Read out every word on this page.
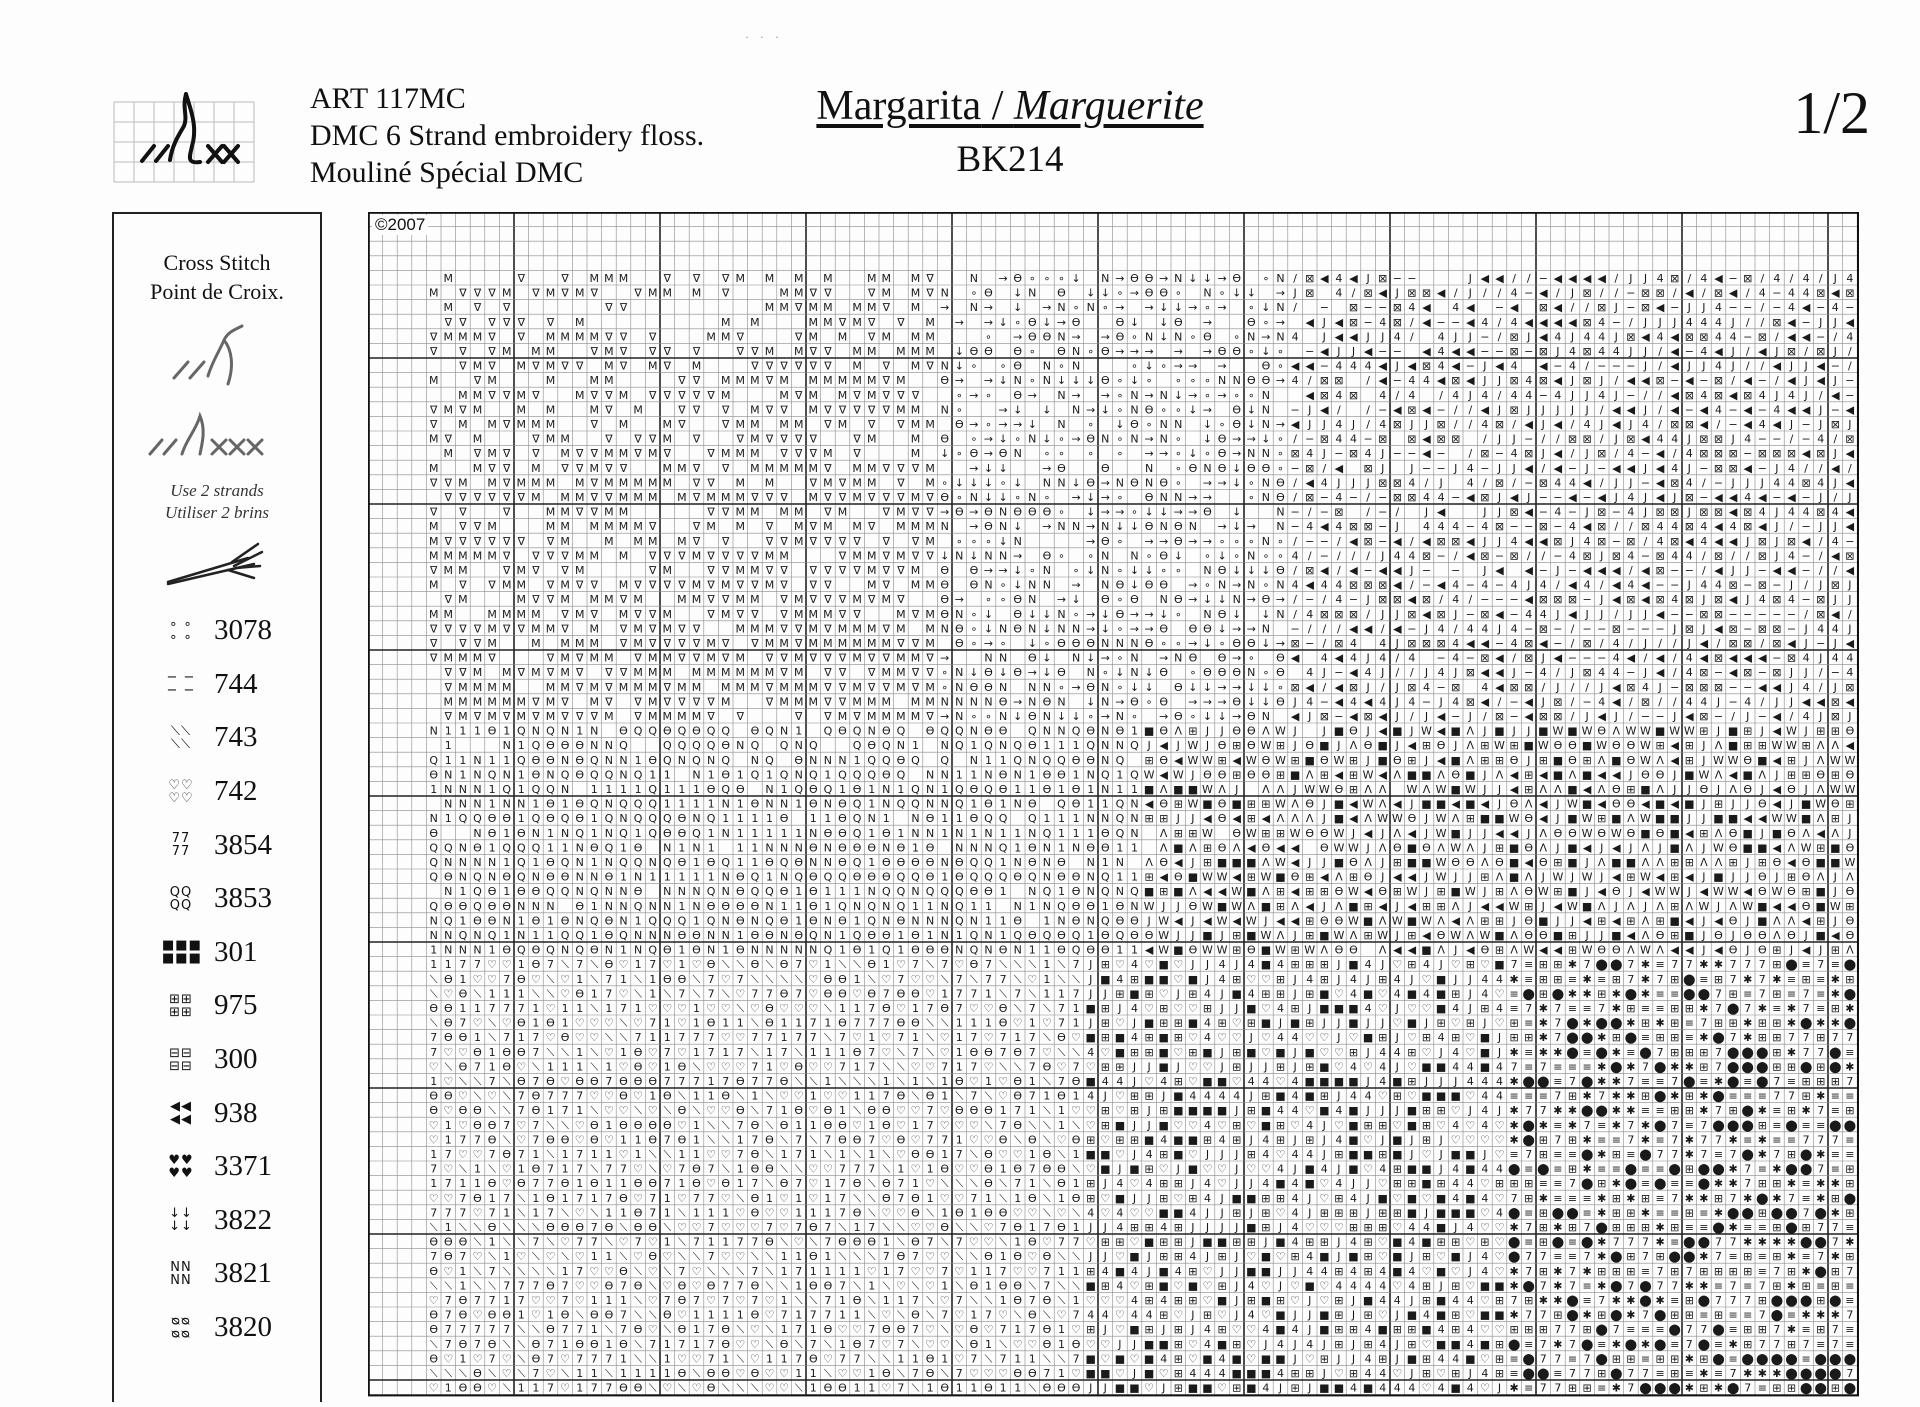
· · ·
ART 117MC
DMC 6 Strand embroidery floss.
Mouliné Spécial DMC
Margarita / Marguerite
BK214
1/2
Cross Stitch
Point de Croix.
Use 2 strands
Utiliser 2 brins
∘ ∘
∘ ∘ 3078
− −
− − 744
⟍⟍
⟍⟍ 743
♡♡
♡♡ 742
77
77 3854
QQ
QQ 3853
■■■
■■■ 301
⊞⊞
⊞⊞ 975
⊟⊟
⊟⊟ 300
◀◀
◀◀ 938
♥♥
♥♥ 3371
↓↓
↓↓ 3822
NN
NN 3821
ᴓᴓ
ᴓᴓ 3820
M	∇	∇ M M M	∇ ∇ ∇ M M M M	M M M ∇	N → ϴ ∘ ∘ ∘ ↓ N → ϴ ϴ → N ↓ ↓ → ϴ ∘ N / ⊠ ◀ 4 ◀ J ⊠ − −	J ◀ ◀ / / − ◀ ◀ ◀ ◀ / J J 4 ⊠ / 4 ◀ − ⊠ / 4 / 4 / J 4
M ∇ ∇ ∇ M ∇ M ∇ M ∇	∇ M M M ∇	M M ∇ ∇	∇ M M ∇ N ∘ ϴ ↓ N ϴ ↓ ↓ ∘ → ϴ ϴ ∘ N ∘ ↓ ↓ → J ⊠ 4 / ⊠ ◀ J ⊠ ⊠ ◀ / J / / 4 − ◀ / J ⊠ / / − ⊠ ⊠ / ◀ / ⊠ ◀ / 4 − 4 4 ⊠ ◀ ⊠
M ∇ ∇	∇ ∇	M M ∇ M M M M ∇ M → N → ↓ → N ∘ N ∘ → → ↓ ↓ → ∘ → ∘ ↓ N / − ⊠ − − ⊠ 4 ◀ 4 ◀ − ◀ ⊠ ◀ / / ⊠ J − ⊠ ◀ − J J 4 − − / − 4 ◀ − 4 −
∇ ∇ ∇ ∇ ∇ ∇ M	M M	M M ∇ M ∇ ∇ M → → ↓ ∘ ϴ ↓ → ϴ	ϴ ↓ ↓ ϴ →	ϴ ∘ → ◀ J ◀ ⊠ − 4 ⊠ / ◀ − − ◀ 4 / 4 ◀ ◀ ◀ ◀ ⊠ 4 − / J J J 4 4 4 J / / ⊠ ◀ − J J ◀
∇ M M M ∇ ∇ M M M M ∇ ∇ ∇	M M ∇	∇ M M ∇ M M M	∘ → ϴ ϴ N → → ϴ ∘ N ↓ N ∘ ϴ ∘ N → N 4 J ◀ ◀ J J 4 / 4 J J − / ⊠ J ◀ 4 J 4 4 J ⊠ ◀ 4 ◀ ⊠ ⊠ 4 4 − ⊠ / ◀ ◀ − / 4
∇ ∇ ∇ M M M	∇ M ∇ ∇ ∇ ∇	∇ ∇ M M ∇ ∇ M M M M M ↓ ϴ ϴ ϴ ∘ ϴ N ∘ ϴ → → → → → ϴ ϴ ∘ ↓ ∘ − ◀ J J ◀ − − ◀ 4 ◀ ◀ − − ⊠ − ⊠ J 4 ⊠ 4 4 J J / ◀ − 4 ◀ J / ◀ J ⊠ / ⊠ J /
∇ M ∇ M ∇ M ∇ ∇ M ∇ M ∇ M	∇ ∇ ∇ ∇ ∇ ∇ M ∇ M ∇ N ↓ ∘ ∘ ϴ N ∘ N	∘ ↓ ∘ → → →	ϴ ∘ ◀ ◀ − 4 4 4 ◀ J ◀ ⊠ 4 ◀ − J ◀ 4 ◀ − 4 / − − − J / ◀ J J 4 J / / ◀ J J ◀ − /
M	∇ M	M	M M	∇ ∇ M M M ∇ M M M M M M ∇ M	ϴ → → ↓ N ∘ N ↓ ↓ ↓ ϴ ∘ ↓ ∘ ∘ ∘ ∘ N N ϴ ϴ → 4 / ⊠ ⊠ / ◀ − 4 4 ◀ ⊠ ◀ J J ⊠ 4 ⊠ ◀ J ⊠ J / ◀ ◀ ⊠ − ◀ − ⊠ / ◀ − / ◀ J ◀ J −
M M ∇ ∇ M ∇	M ∇ ∇ M ∇ ∇ ∇ ∇ ∇ M	M ∇ M M ∇ M ∇ ∇ ∇	∘ → ∘ ϴ → N → → ∘ N → N ↓ → ∘ → ∘ ∘ N	◀ ⊠ 4 ⊠ 4 / 4 / 4 J 4 / 4 4 − 4 J J 4 J − / / ◀ ⊠ 4 ⊠ ◀ ⊠ 4 J 4 J / ◀ −
∇ M ∇ M	M M	M ∇ M	∇ ∇ ∇ M ∇ ∇ M ∇ ∇ ∇ ∇ ∇ M M N ∘	→ ↓ ↓ N → ↓ ∘ N ϴ ∘ ∘ ↓ → ϴ ↓ N − J ◀ / / − ◀ ⊠ ◀ − / / ◀ J ⊠ J J J J J / ◀ ◀ J / ◀ − ◀ 4 − ◀ − 4 ◀ ◀ J − ◀
∇ M M ∇ M M M	∇ M	M ∇	∇ M M M M ∇ M ∇ ∇ M M ϴ → ∘ → → ↓ N ∘ ↓ ϴ ∘ N N ↓ ∘ ϴ ↓ N → ◀ J J 4 J / 4 ⊠ J J ⊠ / / 4 ⊠ / ◀ J ◀ / 4 J ◀ J 4 / ⊠ ⊠ ◀ / − ◀ 4 ◀ J − J ⊠ J
M ∇ M	∇ M M	∇ ∇ ∇ M ∇	∇ M ∇ ∇ ∇ ∇	∇ M	M ϴ ∘ → ↓ ∘ N ↓ ∘ → ϴ N ∘ N → N ∘ ↓ ϴ → → ↓ ∘ / − ⊠ 4 4 − ⊠ ⊠ ◀ ⊠ ⊠ / J J − / / ⊠ ⊠ / J ⊠ ◀ 4 4 J ⊠ ⊠ J 4 − − / − 4 / ⊠
M ∇ M ∇ ∇ M ∇ ∇ M M ∇ M ∇	∇ M M M ∇ ∇ ∇ M ∇	M ↓ ∘ ϴ → ϴ N ∘ ∘ ∘ ∘ → → ∘ ↓ ∘ ϴ → N N ∘ ⊠ 4 J − ⊠ 4 J − − ◀ − / ⊠ − 4 ⊠ J ◀ / J ⊠ / 4 − ◀ / 4 ⊠ ⊠ ⊠ − ⊠ ⊠ ⊠ ◀ ⊠ J ◀
M	M ∇ ∇ M ∇ ∇ M ∇ ∇	M M ∇ ∇ M M M M M ∇ M M ∇ ∇ ∇ M	→ ↓ ↓	→ ϴ	ϴ	N ∘ ϴ N ϴ ↓ ϴ ϴ ∘ − ⊠ / ◀ ⊠ J J − − J 4 − J J ◀ / ◀ − J − ◀ ◀ J ◀ 4 J − ⊠ ⊠ ◀ − J 4 / / ◀ /
∇ ∇ M M ∇ M M M M ∇ M M M M M ∇ ∇ M M	∇ M ∇ M M ∇ M ∘ ↓ ↓ ↓ ∘ ↓ N N ↓ ϴ → N ϴ N ϴ ∘ → → ↓ ∘ N ϴ / ◀ 4 J J J ⊠ ⊠ 4 / J 4 / ⊠ / − ⊠ 4 4 ◀ / J J − ◀ ⊠ 4 / − J J J 4 4 ⊠ 4 J ◀
∇ ∇ ∇ ∇ ∇ ∇ M M M ∇ ∇ M M M M ∇ M M M ∇ ∇ ∇ M ∇ ∇ M ∇ ∇ ∇ M ∇ ϴ ∘ N ↓ ↓ ∘ N ∘ → ↓ → ∘ ϴ N N → →	∘ N ϴ / ⊠ − 4 − / − ⊠ ⊠ 4 4 − ◀ ⊠ J ◀ J − − ◀ − ◀ J 4 J ◀ J ⊠ − ◀ ◀ 4 ◀ − ◀ − J / J
∇ ∇	∇	M M ∇ ∇ M M	∇ ∇ M M M M ∇ M	∇ M ∇ ∇ → ϴ → ϴ N ϴ ϴ ϴ ∘ ↓ → → ∘ ↓ ↓ → → ϴ ↓	N − / − ⊠ / − / J ◀	J J ⊠ ◀ − 4 − J ⊠ − 4 J ⊠ ⊠ J ⊠ ⊠ ◀ ⊠ 4 J 4 4 ⊠ 4 ◀
M ∇ ∇ M	M M M M M M ∇	∇ M M ∇ M ∇ M M ∇ M M M N → ϴ N ↓ → N N → N ↓ ↓ ϴ N ϴ N → ↓ → N − 4 ◀ 4 ⊠ ⊠ − J 4 4 4 − 4 ⊠ − − ⊠ − 4 ◀ ⊠ / / ⊠ 4 4 ⊠ 4 ◀ 4 ⊠ ◀ J / − J J ◀
M ∇ ∇ ∇ ∇ ∇ ∇ ∇ M	M M M M ∇ ∇	∇ ∇ M ∇ ∇ ∇ ∇ ∇ ∇ M ∘ ∘ ∘ ↓ N	→ ϴ ∘ → → ϴ → → ∘ ∘ ∘ N ∘ / − − / ◀ ⊠ − ◀ / ◀ ⊠ ⊠ ◀ J J 4 ◀ ◀ ⊠ J 4 ⊠ − ⊠ / 4 ⊠ ◀ 4 ◀ ◀ J ⊠ J ⊠ ◀ / 4 −
M M M M M ∇ ∇ ∇ ∇ M M M ∇ ∇ ∇ M ∇ ∇ ∇ ∇ M M	∇ M M ∇ M ∇ ∇ ↓ N ↓ N N → ϴ ∘ ∘ N N ∘ ϴ ↓ ∘ ↓ ∘ N ∘ ∘ 4 / − / / / J 4 4 ⊠ − / ◀ ⊠ − ⊠ / / − 4 ⊠ J ⊠ 4 − ⊠ 4 4 / ⊠ / / ⊠ J 4 − / ◀ ⊠
∇ M M	∇ M ∇ ∇ M	∇ M	∇ ∇ M M ∇ ∇ ∇ ∇ ∇ ∇ M ∇ ∇ M ϴ ϴ → → ↓ ∘ N ∘ ↓ N ∘ ↓ ↓ ∘ ∘ N ϴ ↓ ↓ ↓ ϴ / ⊠ ◀ / ◀ − ◀ ◀ J − − J ◀ ◀ − J − ◀ ◀ ◀ / ◀ ⊠ − − / ◀ J J − ◀ ◀ − / / ◀
M ∇ ∇ M M ∇ M ∇ ∇ M ∇ ∇ ∇ ∇ M ∇ M ∇ ∇ M ∇ ∇ ∇	M ∇ M M ϴ ϴ N ∘ ↓ N N → N ϴ ↓ ϴ ϴ → ∘ N → N ∘ N 4 ◀ 4 4 ⊠ ⊠ ⊠ ◀ / − ◀ 4 − 4 − 4 J 4 / ◀ 4 / ◀ 4 ◀ − − J 4 4 ⊠ − ⊠ − J / J ⊠ J
∇ M	M ∇ ∇ M M M ∇ M	M M ∇ ∇ M M ∇ M ∇ ∇ ∇ M ∇ M ∇	ϴ → ∘ ∘ ϴ N → ↓ ϴ ∘ ϴ N ϴ → ↓ ↓ N → ϴ → / − / 4 − J ⊠ ⊠ ◀ ⊠ / 4 / − − − ◀ ⊠ ⊠ ⊠ − J ◀ ⊠ ◀ ⊠ 4 ⊠ J ⊠ ◀ J 4 ⊠ 4 − ⊠ J J
M M	M M M M ∇ M ∇ M ∇ ∇ M	∇ M ∇ ∇ ∇ M M M ∇ ∇	M ∇ M ϴ N ∘ ↓ ϴ ↓ ↓ N ∘ → ↓ ϴ → → ↓ ∘ N ϴ ↓ ↓ N / 4 ⊠ ⊠ ⊠ / J J ⊠ ◀ ⊠ J − ⊠ ◀ − 4 4 J ◀ J J / J J ◀ − − ⊠ ⊠ − − − − − / ⊠ ◀ /
∇ ∇ ∇ ∇ M ∇ ∇ M M ∇ M ∇ M ∇ M ∇ ∇	M M M ∇ ∇ M ∇ M M M ∇ M M N ϴ ∘ ↓ N ϴ N ↓ N N → ↓ ∘ → → ϴ ϴ ϴ ↓ → → N − / / / ◀ ◀ / ◀ − J 4 / 4 4 J 4 − ⊠ − / − − ⊠ − − − J ⊠ J ◀ ⊠ − ⊠ ⊠ − J 4 4 J
∇ ∇ ∇ M	M M M M ∇ M ∇ ∇ ∇ ∇ M ∇ ∇ M M ∇ M M M M M M ∇ ∇ M ϴ ∘ → ∘ ↓ ∘ ϴ ϴ ϴ N N N ϴ ∘ ∘ → ↓ ∘ ϴ ϴ ↓ → ⊠ − / ⊠ 4 4 J ⊠ ⊠ ⊠ 4 ◀ ◀ − 4 ⊠ ◀ − / ⊠ / 4 / J / / J ◀ / ⊠ ⊠ / ⊠ ◀ J − J ◀
∇ M M M ∇	∇ M ∇ M M ∇ M M ∇ ∇ M ∇ M ∇ ∇ M ∇ ∇ ∇ M ∇ ∇ M M ∇ →	N N ϴ ↓ N ↓ → ∘ N → N ϴ ϴ → ∘ ϴ ◀ 4 ◀ 4 J 4 / 4 − 4 − ⊠ ◀ / ⊠ J ◀ − − − 4 ◀ / ◀ / 4 ◀ ⊠ ◀ ◀ ◀ − ⊠ 4 J 4 4
∇ ∇ M M ∇ M ∇ M ∇ ∇ ∇ M M M M M M M M M ∇ M ∇ ∇ ∇ M M ∇ ∇ ∘ N ↓ ϴ ↓ ϴ → ↓ ϴ N ∘ ↓ N ↓ ϴ ∘ ϴ ϴ ϴ N ∘ ϴ 4 J − ◀ 4 J / / J 4 J ⊠ ◀ ◀ J − 4 / J ⊠ 4 4 − J ◀ / 4 ⊠ − ◀ ⊠ − ⊠ J J / − 4
∇ M M M M	M M ∇ M ∇ M M M ∇ M M M M M ∇ M M M ∇ ∇ M ∇ ∇ M ∇ M ∘ N ϴ ϴ N N N ∘ → ϴ N ∘ ↓ ↓ ϴ ↓ ↓ → → ↓ ↓ ∘ ⊠ ◀ / ◀ ⊠ J / J ⊠ 4 − ⊠ 4 ◀ ⊠ ⊠ / J / / J ◀ ⊠ 4 J − ⊠ ⊠ ⊠ − − ◀ ◀ J 4 / J ⊠
M M M M M M ∇ M ∇ M ∇ ∇ M ∇ ∇ ∇ ∇ M	∇ M M M ∇ ∇ M M M M M N N N N ϴ → N ϴ N ↓ N → ϴ ∘ ϴ → → → ϴ ↓ ↓ ϴ J 4 − ◀ 4 ◀ 4 J 4 − J 4 ⊠ ◀ / − ◀ J ⊠ / − 4 ◀ / ⊠ / / 4 4 J − 4 / J J ◀ ◀ ⊠ ◀
∇ M ∇ M ∇ M ∇ M ∇ ∇ ∇ M ∇ M M M M ∇ ∇	∇ ∇ M ∇ M M M M ∇ → N ∘ ∘ N ↓ ϴ N ↓ ↓ ∘ → N ∘ → ϴ ∘ ↓ ↓ → ϴ N ◀ J ⊠ − ◀ ⊠ ◀ J / J ◀ − J / ⊠ − ◀ ⊠ ⊠ / J ◀ J / − − J ◀ ⊠ − / J − ◀ / 4 J ⊠ J
N 1 1 1 ϴ 1 Q N Q N 1 N ϴ Q Q ϴ Q ϴ Q Q ϴ Q N 1 Q ϴ Q N ϴ Q ϴ Q Q N ϴ ϴ Q N N Q ϴ N ϴ 1 ■ ϴ Λ ⊞ J J ϴ ϴ Λ W J J ■ ϴ J ◀ ■ J W ◀ ■ Λ J ■ J J ■ W ■ W ϴ Λ W W ■ W W ⊞ J ■ ⊞ J ◀ W J ⊞ ⊞ ϴ
1	N 1 Q ϴ ϴ ϴ N N Q	Q Q Q Q ϴ N Q Q N Q	Q ϴ Q N 1 N Q 1 Q N Q ϴ 1 1 1 Q N N Q J ◀ J W J ϴ ⊞ ϴ W ⊞ J ϴ ■ J Λ ϴ ■ J ◀ ⊞ ϴ J Λ ⊞ W ⊞ ■ W ϴ ϴ ■ W ϴ ϴ W ⊞ ◀ ⊞ J Λ ■ ⊞ ⊞ W W ⊞ Λ Λ ◀
Q 1 1 N 1 1 Q ϴ ϴ N ϴ Q N N 1 ϴ Q N Q N Q N Q ϴ N N N 1 Q Q ϴ Q Q N 1 1 Q N Q Q ϴ ϴ N Q ⊞ ϴ ◀ W W ⊞ ◀ W ϴ W ⊞ ■ ϴ W ⊞ J ■ ϴ ⊞ J ◀ ■ Λ ⊞ ⊞ ϴ J ⊞ ■ ϴ ⊞ Λ ■ ϴ W Λ ◀ ⊞ J W W ϴ ■ ◀ ⊞ J Λ W W
ϴ N 1 N Q N 1 ϴ N Q ϴ Q Q N Q 1 1 N 1 ϴ 1 Q 1 Q N Q 1 Q Q Q ϴ Q N N 1 1 N ϴ N 1 ϴ ϴ 1 N Q 1 Q W ◀ W J ϴ ϴ ⊞ ϴ ϴ ⊞ ■ Λ ⊞ ◀ ⊞ W ◀ Λ ■ ■ Λ ϴ ■ J Λ ◀ ⊞ ◀ ■ Λ ■ ◀ ◀ J ϴ ϴ J ■ W Λ ◀ ■ Λ J ⊞ ⊞ ϴ ⊞ ϴ
1 N N N 1 Q 1 Q Q N 1 1 1 1 Q 1 1 1 ϴ Q ϴ N 1 Q ϴ Q 1 ϴ 1 N 1 Q N 1 Q ϴ Q ϴ 1 1 ϴ 1 ϴ 1 N 1 1 ■ Λ ■ ■ W Λ J Λ Λ J W W ϴ ⊞ Λ Λ W Λ W ■ W J J ◀ ⊞ Λ Λ ■ ◀ Λ ϴ ⊞ ■ Λ J J ϴ J Λ ϴ J ◀ ϴ J Λ W W
N N N 1 N N 1 ϴ 1 ϴ Q N Q Q Q 1 1 1 1 N 1 ϴ N N 1 ϴ N ϴ Q 1 N Q Q N N Q 1 ϴ 1 N ϴ Q ϴ 1 1 Q N ◀ ϴ ⊞ W ■ ϴ ■ ⊞ ⊞ W Λ ϴ J ■ ◀ W Λ ◀ J ■ ■ ◀ ■ ◀ J ϴ Λ ◀ J W ■ ◀ ϴ ϴ ◀ ■ ◀ ■ J ⊞ J J ϴ ◀ J ■ W ϴ ⊞
N 1 Q Q ϴ ϴ 1 Q ϴ Q ϴ 1 Q N Q Q Q ϴ N Q 1 1 1 1 ϴ 1 1 ϴ Q N 1 N ϴ 1 1 ϴ Q Q Q 1 1 1 N N Q N ⊞ ⊞ J J ◀ ϴ ◀ ⊞ ◀ Λ Λ Λ J ■ ◀ Λ W W ϴ J W Λ ⊞ ■ ■ W ϴ ◀ J ■ W ⊞ ■ Λ W ■ ■ J J ■ ■ ◀ ◀ W W ■ Λ ⊞ J
ϴ	N ϴ 1 ϴ N 1 N Q 1 N Q 1 Q ϴ ϴ Q 1 N 1 1 1 1 1 N ϴ ϴ Q 1 ϴ 1 N N 1 N 1 N 1 1 N Q 1 1 1 ϴ Q N Λ ⊞ ⊞ W ϴ W ⊞ ⊞ W ϴ ϴ W J ◀ J Λ ◀ J W ■ J J ◀ ◀ J Λ ϴ ϴ W ϴ W ϴ ■ ϴ ■ ◀ ⊞ Λ ϴ ■ J ■ ϴ Λ ◀ Λ J
Q Q N ϴ 1 Q Q Q 1 1 N ϴ Q 1 ϴ N 1 N 1 1 1 N N N ϴ N ϴ ϴ ϴ N ϴ 1 ϴ N N N Q 1 ϴ N 1 N ϴ ϴ 1 1 Λ ■ Λ ⊞ ϴ Λ ◀ ϴ ◀ ◀ ϴ W W J Λ ϴ ■ ϴ Λ W Λ J ⊞ ■ ϴ Λ J ■ ◀ J ◀ J Λ J ■ Λ J W ϴ ■ ■ ◀ Λ W ⊞ ■ ϴ
Q N N N N 1 Q 1 ϴ Q N 1 N Q Q N Q ϴ 1 ϴ Q 1 1 ϴ Q ϴ N N ϴ Q 1 ϴ ϴ ϴ ϴ N ϴ Q Q 1 N ϴ N ϴ N 1 N Λ ϴ ◀ J ⊞ ■ ■ ■ Λ W ◀ J J ■ ϴ Λ J ⊞ ■ ■ W ϴ ϴ Λ ϴ ■ ◀ ϴ ⊞ ■ J Λ ■ ■ Λ Λ ⊞ ⊞ Λ Λ ⊞ J ⊞ ϴ ◀ ϴ ■ ■ W
Q ϴ N Q N ϴ Q N ϴ ϴ N N ϴ 1 N 1 1 1 1 1 N ϴ Q 1 N Q ϴ Q Q ϴ ϴ ϴ Q Q ϴ 1 ϴ Q Q Q ϴ Q N ϴ ϴ N Q 1 1 ⊞ ◀ ϴ ■ W W ◀ ⊞ W ■ ϴ ⊞ ◀ Λ ⊞ ϴ J ◀ ◀ J W J J ⊞ Λ ■ Λ J W J W J ◀ ⊞ W ◀ ⊞ ◀ J ■ J J ϴ J ⊞ ϴ Λ J Λ
N 1 Q ϴ 1 ϴ ϴ Q Q N Q N N ϴ N N N Q N ϴ Q Q ϴ 1 ϴ 1 1 1 N Q Q N Q Q Q ϴ ϴ 1 N Q 1 ϴ N Q N Q ■ ⊞ ■ Λ ◀ ◀ W ■ Λ ⊞ ◀ ⊞ ⊞ ϴ W ◀ ϴ ⊞ W J ⊞ ■ W J ⊞ Λ ϴ W ⊞ ■ J ◀ ϴ J ◀ W W J ◀ W W ◀ ϴ W ϴ ⊞ ■ J ϴ
Q ϴ ϴ Q ϴ ϴ N N N ϴ 1 N N Q N N 1 N ϴ ϴ ϴ ϴ N 1 1 ϴ 1 Q N Q N Q 1 1 N Q 1 1 N 1 N Q ϴ ϴ 1 ϴ N W J J ϴ W ■ W Λ ■ ⊞ Λ ◀ J Λ ■ ⊞ ◀ J ◀ ⊞ ⊞ Λ J ◀ ◀ W ⊞ J ◀ W ■ Λ J Λ J Λ ⊞ Λ W J Λ W ■ ◀ ◀ ϴ ■ W ⊞
N Q 1 ϴ ϴ N 1 ϴ 1 ϴ N Q ϴ N 1 Q Q Q 1 Q N ϴ N Q ϴ 1 ϴ N ϴ 1 Q N ϴ N N N Q N 1 1 ϴ 1 N ϴ N Q ϴ ϴ J W ◀ J ◀ W ◀ W J ◀ ◀ ⊞ ϴ ϴ W ■ Λ W ■ W Λ ◀ Λ ⊞ ⊞ J ϴ ■ J J ◀ ⊞ ◀ ⊞ Λ ⊞ ■ ◀ J ◀ ϴ J ■ Λ Λ ◀ ⊞ J ϴ
N N Q N Q 1 N 1 1 Q Q 1 ϴ Q N N N ϴ ϴ N N 1 ϴ ϴ N ϴ Q N 1 Q ϴ ϴ 1 ϴ 1 N 1 Q N 1 Q ϴ Q ϴ Q 1 ϴ Q ϴ ϴ W J J ■ J ⊞ ■ W Λ J ⊞ ■ W Λ ⊞ W J ⊞ ◀ ϴ W Λ W ■ Λ ϴ ϴ ■ ⊞ J J ■ ◀ Λ ϴ ⊞ ■ J ϴ J ϴ ϴ Λ ϴ J ■ ◀ ϴ
1 N N N 1 ϴ Q ϴ Q N Q ϴ N 1 N Q ϴ 1 ϴ N 1 ϴ N N N N N Q 1 ϴ 1 Q 1 ϴ ϴ ϴ N Q N ϴ N 1 1 ϴ Q ϴ ϴ 1 1 ◀ W ■ ϴ W W ⊞ ϴ ■ W ⊞ W Λ ϴ ϴ Λ ◀ ◀ ■ Λ J ◀ ϴ ⊞ Λ W ◀ ◀ ⊞ W ϴ ϴ Λ W Λ ◀ ◀ J ◀ ϴ J ϴ ⊞ J ◀ J ⊞ Λ
1 1 7 7 ♡ ♡ 1 ϴ 7 ⟍ 7 ⟍ ϴ ♡ 1 7 ♡ 1 ♡ ϴ ⟍ ⟍ ϴ ⟍ ϴ 7 ♡ 1 ⟍ ⟍ ϴ 1 ♡ 7 ⟍ 7 ♡ ϴ 7 ⟍ ⟍ ⟍ 1 ⟍ 7 J ⊞ ♡ 4 ♡ ■ ♡ J J 4 J 4 ■ 4 ⊞ ⊞ ⊞ J ■ 4 J ♡ ⊞ 4 J ♡ ⊞ ♡ ■ 7 ≡ ⊞ ⊞ ✱ 7 ⬤ ⬤ 7 ✱ ≡ 7 7 ✱ ✱ 7 7 7 ⊞ ⬤ ≡ 7 ≡ ⬤
⟍ ϴ 1 ♡ ♡ 7 ϴ ♡ ⟍ ♡ 1 ⟍ 7 1 ⟍ 1 ϴ ϴ ⟍ 7 ♡ 7 ⟍ ⟍ ⟍ ⟍ ♡ ϴ ϴ 1 ⟍ ♡ 7 ♡ ♡ ⟍ 7 ⟍ 7 7 ⟍ ♡ 1 ⟍ ⟍ J ■ 4 ⊞ ■ ■ ♡ ■ J 4 ⊞ ♡ ♡ ⊞ J 4 ⊞ J 4 J ⊞ 4 J ♡ ■ J J 4 4 ✱ ≡ ⊞ ⊞ ≡ ✱ ≡ ⊞ 7 ✱ 7 ⊞ ⬤ ≡ ⊞ 7 ✱ 7 ✱ ≡ ⊞ ≡ ✱ ⊞
⟍ ♡ ϴ ⟍ 1 1 1 ⟍ ⟍ ♡ ϴ 1 7 ♡ ⟍ 1 ⟍ 7 ⟍ 7 ⟍ ♡ 7 7 ϴ 7 ♡ ϴ ϴ ♡ ϴ 7 ϴ ϴ ♡ 1 7 7 1 ⟍ 7 ⟍ 1 1 7 J J ⊞ ■ ⊞ ♡ J ⊞ 4 J ■ 4 ⊞ ⊞ J ⊞ ■ ♡ 4 ■ ♡ 4 ■ 4 ■ ⊞ J 4 ♡ ≡ ⬤ ⊞ ⬤ ✱ ✱ ⊞ ✱ ⬤ ✱ ≡ ≡ ⬤ ⬤ 7 ⊞ ≡ 7 ⊞ ≡ 7 ≡ ✱ ⬤
ϴ ϴ 1 1 7 7 7 1 ♡ 1 1 ⟍ 1 7 1 ♡ ♡ ♡ 1 ♡ ♡ ⟍ ♡ ϴ ♡ ♡ ♡ ⟍ 1 1 7 ϴ ♡ 1 7 ϴ 7 ♡ ♡ ϴ ⟍ 7 ⟍ 7 1 ■ ⊞ J 4 ♡ ⊞ ♡ ♡ ⊞ J J ■ ♡ 4 ⊞ J ■ ■ ■ 4 ♡ J ♡ ♡ ■ 4 J ⊞ 4 ≡ 7 ✱ 7 ≡ ≡ 7 ✱ ⊞ ≡ ≡ ⊞ ⊞ ✱ 7 ⬤ 7 ✱ ≡ ✱ 7 ≡ ⊞ ✱
⟍ ϴ 7 ♡ ⟍ ♡ ϴ 1 ϴ 1 ♡ ♡ ♡ ⟍ ♡ 7 1 ♡ 1 ϴ 1 1 ⟍ ϴ 1 1 7 1 ϴ 7 7 7 ϴ ϴ ⟍ ⟍ 1 1 1 ϴ ♡ 1 ♡ 7 1 J ⊞ ♡ J ■ ⊞ ⊞ ■ 4 ⊞ ♡ ⊞ ■ J ■ ⊞ J J ■ J J ♡ ■ J ⊞ ♡ ⊞ J ♡ ⊞ ≡ ✱ 7 ⬤ ✱ ⬤ ⬤ ✱ ⊞ ✱ ⊞ ≡ 7 ⊞ ⊞ ✱ ⊞ ⊞ ✱ ⬤ ✱ ✱ ⬤
7 ϴ ϴ 1 ⟍ 7 1 7 ♡ ϴ ♡ ♡ ⟍ ⟍ 7 1 1 7 7 7 ♡ ♡ 7 7 1 7 7 ⟍ 7 ♡ 1 ♡ 7 1 ⟍ ♡ 1 7 ♡ 7 1 7 ⟍ ϴ ♡ ■ ⊞ ■ 4 ⊞ ■ ⊞ ♡ 4 ♡ ♡ J ♡ 4 4 ♡ ♡ J ♡ ■ ⊞ J ♡ ⊞ 4 ⊞ ♡ ■ J ⊞ ⊞ ✱ 7 ⬤ ⬤ ✱ ⊞ ⬤ ≡ ⊞ ⊞ ≡ ✱ ⬤ 7 ✱ ⊞ ⊞ 7 7 ⊞ 7 7
7 ♡ ♡ ϴ 1 ϴ ϴ 7 ⟍ ⟍ 1 ⟍ ♡ 1 ϴ ♡ 7 ♡ 1 7 1 7 ⟍ 1 7 ⟍ 1 1 1 ϴ 7 ♡ ⟍ 7 ⟍ ♡ 1 ϴ ϴ 7 ϴ 7 ♡ ⟍ ⟍ 4 ♡ ■ ⊞ ⊞ ■ ♡ ⊞ ■ J ⊞ ■ ♡ ■ J ■ ♡ ♡ ⊞ J 4 4 ⊞ ♡ J 4 ♡ ■ J ✱ ≡ ✱ ✱ ⬤ ≡ ⬤ ✱ ≡ ⬤ 7 ⊞ ⊞ ⊞ 7 ⬤ ⬤ ⬤ ⊞ ✱ 7 7 ⬤ ≡
♡ ⟍ ϴ 7 1 ϴ ♡ ⟍ 1 1 1 ⟍ 1 ♡ ϴ ♡ 1 ϴ ⟍ ♡ ♡ ♡ 7 1 ♡ ϴ ♡ ♡ 7 1 7 ⟍ ⟍ ♡ ♡ 7 1 7 ♡ ⟍ ⟍ 7 ϴ ♡ 7 ♡ ⊞ ⊞ J J ■ J ♡ ♡ J ⊞ J J ⊞ J ⊞ ■ ♡ 4 ♡ 4 J ♡ ■ ■ 4 4 ■ 4 7 ≡ 7 ≡ ≡ ≡ ✱ ⬤ ✱ 7 ⬤ ✱ ✱ ⊞ 7 ⬤ ⬤ ⬤ ⊞ ⊞ ⬤ ⊞ ⬤ ✱
1 ♡ ⟍ ⟍ 7 ⟍ ϴ 7 ϴ ♡ ϴ ϴ 7 ϴ ϴ ϴ 7 7 7 1 7 ϴ 7 7 ϴ ⟍ ⟍ 1 ⟍ ⟍ ⟍ 1 ⟍ 1 ⟍ 1 ϴ ♡ 1 ♡ ϴ 1 ⟍ 7 ϴ ■ 4 4 J ♡ 4 ⊞ ♡ ■ ■ ♡ 4 4 ♡ 4 ■ ■ ■ ■ J 4 ■ ⊞ J J J 4 4 4 ✱ ⬤ ⬤ ≡ 7 ⬤ ✱ ✱ 7 ≡ ≡ 7 ⬤ ≡ ✱ ⬤ ≡ ⬤ 7 ≡ ⊞ ⊞ ⊞ 7
ϴ ϴ ♡ ⟍ ♡ ⟍ 7 ϴ 7 7 7 ♡ ♡ ϴ ♡ 1 ϴ ⟍ 1 1 ϴ ⟍ 1 ⟍ ♡ ♡ 1 ♡ ♡ 1 1 7 ϴ ⟍ ϴ 1 ⟍ 7 ⟍ ♡ ϴ 7 1 ϴ 1 4 J ♡ ⊞ ⊞ J ■ 4 4 4 4 J ⊞ ■ 4 ■ ⊞ J 4 4 ♡ ⊞ ♡ ■ ■ ■ ♡ 4 4 ≡ ≡ ≡ 7 ⊞ ✱ 7 ✱ ✱ ⊞ ⬤ ✱ ⊞ ✱ ⬤ ≡ ≡ ≡ 7 7 ⊞ ✱ ≡ ≡
ϴ ♡ ϴ ϴ ⟍ ⟍ 7 ϴ 1 7 1 ⟍ ♡ ♡ ⟍ ♡ ⟍ ϴ ⟍ ♡ ♡ ϴ ⟍ 7 1 ϴ ♡ ϴ 1 ⟍ ϴ ϴ ♡ ♡ 7 ♡ ϴ ϴ ϴ 1 7 1 ⟍ 1 ♡ ♡ ⊞ ♡ ⊞ J ⊞ ■ ■ ■ ■ J ⊞ ■ 4 4 ♡ ■ 4 ■ J J J ■ ⊞ ⊞ ♡ J 4 J ✱ 7 7 ✱ ✱ ⬤ ⬤ ✱ ✱ ≡ ≡ ⊞ ⊞ ✱ 7 ⊞ ⬤ ✱ ≡ ⊞ ✱ 7 ≡ ⊞
♡ 1 ♡ ϴ ϴ 7 ♡ 7 ⟍ ⟍ ♡ ϴ 1 ϴ ϴ ϴ ϴ ♡ 1 ⟍ ⟍ 7 ϴ ⟍ ϴ 1 1 ϴ ϴ ♡ 1 ϴ ♡ 1 7 ♡ ♡ ♡ ⟍ 7 ϴ ⟍ ⟍ 1 ⟍ ♡ ⊞ ■ J J ■ ♡ ♡ 4 ♡ ⊞ ♡ ■ ⊞ ♡ 4 J ♡ ■ ⊞ ⊞ ♡ ■ ⊞ ♡ 4 ♡ 4 ♡ ✱ ⬤ ✱ ≡ ✱ 7 ≡ ✱ 7 ✱ ⬤ 7 ≡ 7 ⬤ ⬤ ⬤ ⊞ ≡ ⬤ ≡ ≡ ⬤ ⬤
♡ 1 7 7 ϴ ⟍ ♡ 7 ϴ ϴ ♡ ϴ ♡ 1 1 ϴ 7 ϴ 1 ⟍ ⟍ 1 7 ϴ ⟍ 7 ⟍ 7 ϴ ϴ 7 ♡ ϴ ♡ 7 7 1 ♡ ♡ ϴ ⟍ ϴ ⟍ ♡ ϴ ⊞ ♡ ⊞ ⊞ ■ 4 ■ ■ ⊞ 4 ⊞ J 4 ⊞ J ⊞ J 4 ■ ♡ J ■ J ⊞ J ♡ ♡ ♡ ♡ ✱ ⬤ ⊞ 7 ⊞ ✱ ≡ ≡ 7 ✱ ≡ 7 ✱ 7 7 ✱ ≡ ✱ ≡ ≡ 7 7 7 ≡
1 7 ♡ ♡ 7 ϴ 7 1 ⟍ 1 7 1 1 ♡ 1 ⟍ ⟍ 1 1 ♡ ♡ 7 ϴ ⟍ 1 7 1 ⟍ 1 ⟍ 1 ⟍ ♡ ϴ ϴ 1 7 ⟍ ϴ ♡ ♡ 1 ϴ ⟍ 1 ■ ■ ♡ J 4 ⊞ ■ ♡ J J J ⊞ 4 ♡ 4 4 J ⊞ ■ ■ ⊞ ■ J ♡ J ■ ■ J ♡ ≡ 7 ⊞ ≡ ≡ ⬤ ✱ ⊞ ≡ ⬤ 7 7 ✱ 7 ≡ 7 ⬤ ✱ 7 ⊞ ⬤ ✱ ≡ ≡
7 ♡ ⟍ 1 ⟍ ♡ 1 ϴ 7 1 7 ⟍ 7 7 ♡ ⟍ ♡ 7 ϴ 7 ⟍ 1 ϴ ϴ ⟍ ⟍ ♡ ♡ 7 7 7 ⟍ 1 ♡ 1 ϴ ♡ ♡ ϴ 1 ϴ 7 ϴ ϴ ⟍ ♡ ■ J ■ ⊞ ♡ J ■ ♡ ♡ J ♡ ♡ 4 J ■ 4 J ■ ♡ 4 ⊞ ■ ■ J 4 ■ 4 4 ⬤ ≡ ⬤ ≡ ⊞ ✱ ≡ ≡ ⬤ ≡ ≡ ⬤ ⊞ ⬤ ⬤ ✱ 7 ≡ ✱ ⬤ ⬤ 7 ≡ ⊞
1 7 1 1 ϴ ♡ ϴ 7 7 ϴ 1 ϴ 1 1 ϴ ϴ 7 1 ϴ ♡ ϴ 1 7 ⟍ ϴ 7 ♡ 1 7 ϴ ⟍ ϴ 7 1 ♡ ⟍ ⟍ ⟍ ϴ ⟍ 7 1 ⟍ ϴ 1 ⊞ J 4 ♡ 4 ⊞ ⊞ J 4 ♡ J J 4 ■ 4 ■ ♡ 4 J J ♡ ⊞ ⊞ ■ ⊞ 4 4 ♡ ⊞ ⊞ ⊞ ≡ ≡ 7 ⬤ ⊞ ✱ ⬤ ≡ ⬤ ≡ ≡ ⬤ ✱ ✱ 7 ⊞ ⊞ ✱ ≡ ✱ ✱ ⊞
♡ ♡ 7 ϴ 1 7 ⟍ 1 ϴ 1 7 1 7 ϴ ♡ 7 1 ♡ 7 7 ♡ ⟍ ϴ 1 ♡ 1 ♡ 1 7 ⟍ ⟍ ϴ 7 ϴ 1 ♡ ♡ 7 1 ⟍ 1 ϴ ⟍ 1 ϴ ⊞ ♡ ■ J J ⊞ ♡ ⊞ 4 J ■ ■ ⊞ ⊞ 4 J ♡ ⊞ 4 J ■ ♡ ■ ♡ ■ 4 ■ 4 ♡ 7 ⊞ ✱ ≡ ≡ ≡ ✱ ⊞ ✱ ⊞ ≡ 7 ✱ ✱ ⊞ 7 ✱ ⬤ ✱ 7 ≡ ✱ ⊞ ⬤
7 7 7 ♡ 7 1 ⟍ 1 7 ⟍ ♡ ⟍ 1 1 ϴ 7 1 ⟍ 1 1 1 ♡ ϴ ♡ ♡ 1 1 1 7 ϴ ⟍ ♡ ♡ ϴ ⟍ 1 ϴ 1 ϴ ϴ ♡ ♡ ⟍ ♡ ⟍ 4 ♡ 4 ♡ ♡ ■ ■ 4 J J ⊞ J ⊞ ♡ 4 J ⊞ ⊞ ⊞ J ⊞ ⊞ ■ J ■ ■ ■ ♡ 4 ⬤ ≡ ⊞ ⬤ ⬤ ≡ ✱ ⊞ ⊞ ✱ ≡ ≡ ⊞ ≡ ✱ ⬤ ⬤ ⊞ ⬤ ⬤ 7 ⬤ ✱ ⊞
⟍ 1 ⟍ ⟍ ϴ ⟍ ⟍ ⟍ ϴ ϴ ϴ 7 ϴ ⟍ ϴ ϴ ⟍ ♡ ♡ 7 ♡ ♡ ♡ 7 ♡ 7 ϴ 7 ⟍ 1 7 ⟍ ⟍ ♡ ♡ ϴ ⟍ ⟍ ♡ 7 ϴ 1 7 ϴ 1 J J 4 ⊞ ⊞ 4 ⊞ J J J J ■ ⊞ J 4 ♡ ♡ ♡ ⊞ ⊞ ⊞ ♡ 4 4 ■ J 4 ♡ ♡ ✱ 7 ⊞ ✱ ⊞ 7 ⬤ ⊞ ⊞ ⊞ ✱ ⊞ ≡ ≡ ⬤ ✱ ≡ ≡ ⊞ ⬤ ⊞ 7 7 ≡
ϴ ϴ ϴ ⟍ 1 ⟍ ⟍ 7 ⟍ ♡ 7 7 ⟍ ♡ 7 ♡ 1 ⟍ 7 1 1 7 7 ϴ ⟍ ♡ ⟍ 7 ϴ ϴ ϴ 1 ⟍ ϴ 7 ⟍ 7 ♡ ♡ ⟍ 1 ϴ ♡ 7 7 ♡ ⊞ ⊞ ♡ ■ ⊞ ⊞ J ■ ■ ⊞ ⊞ J ■ 4 ⊞ ⊞ J 4 ⊞ ♡ ■ 4 ■ ⊞ ⊞ ♡ ⊞ ♡ ⬤ ≡ ⊞ ⬤ ≡ ⬤ ✱ 7 7 7 ✱ ≡ ⬤ ⬤ 7 7 ✱ ✱ ✱ ✱ ⬤ ⬤ 7 ✱
7 ϴ 7 ♡ ⟍ 1 ♡ ⟍ ♡ ⟍ ♡ 1 1 ⟍ ♡ ϴ ♡ ⟍ ⟍ 7 ♡ ♡ ⟍ ⟍ 1 1 ϴ 1 ⟍ ⟍ ⟍ 7 ϴ 7 ♡ ♡ ⟍ ⟍ ϴ 1 ϴ ♡ ϴ ⟍ ⟍ J J ♡ ■ J ⊞ ⊞ 4 J ⊞ J ♡ ■ ♡ ⊞ 4 ■ J ■ ⊞ ♡ ■ J ⊞ ♡ ■ J 4 ♡ ⬤ 7 7 ≡ ≡ 7 ✱ ⬤ ⊞ 7 ⊞ ⬤ ⬤ ✱ 7 ≡ ⊞ ≡ ⊞ ✱ ≡ 7 ✱ ⊞
ϴ ♡ 1 ⟍ 7 ⟍ ⟍ ⟍ ⟍ 1 7 ♡ ♡ ϴ ⟍ ♡ ⟍ 7 ♡ ⟍ ⟍ ⟍ 7 ⟍ 1 7 1 1 1 1 ♡ 1 7 ♡ ♡ 7 ♡ 1 1 7 ♡ ♡ 7 1 1 ⊞ 4 ■ 4 J ■ 4 ⊞ ♡ J J ■ ■ J J 4 4 ⊞ 4 ⊞ 4 ■ 4 ♡ ■ ♡ J 4 ♡ ✱ 7 ⊞ ✱ 7 ✱ ⊞ ⊞ ⊞ ≡ 7 ⊞ 7 ⊞ ⊞ ⊞ ⊞ ≡ 7 ⊞ ✱ ⬤ ⊞ 7
⟍ ⟍ 1 ⟍ ⟍ 7 7 7 ϴ 7 ♡ ♡ ϴ 7 ϴ ⟍ ♡ ϴ ♡ ϴ 7 7 ϴ ⟍ ⟍ 1 ϴ ϴ 7 ⟍ 1 ⟍ ♡ ⟍ ♡ 1 ⟍ ϴ 1 ϴ ϴ ⟍ 7 ⟍ ⟍ ■ ⊞ 4 ♡ ⊞ ■ ♡ ■ ♡ ⊞ J 4 ♡ J ♡ ■ ♡ 4 4 4 4 ♡ 4 ⊞ J ⊞ ♡ ■ ■ ✱ ⬤ 7 ✱ 7 ≡ ✱ ⬤ 7 ⬤ 7 7 ✱ ✱ ≡ 7 ≡ 7 ⊞ ✱ ⊞ ≡ ⊞ ≡
♡ 7 ϴ 7 7 1 7 ♡ ♡ 7 ♡ 1 1 1 ⟍ ♡ 7 ϴ 7 ♡ 7 ♡ 7 ♡ 1 ⟍ ⟍ 7 1 ϴ ⟍ 1 1 7 ⟍ ♡ 7 ⟍ ⟍ 1 ϴ 7 ϴ ⟍ 1 ♡ ♡ ♡ 4 ⊞ 4 ⊞ ⊞ ♡ ■ J ⊞ ■ ⊞ ♡ J ♡ ⊞ J ■ 4 4 J ⊞ ■ 4 4 ♡ ⊞ 7 ⊞ ✱ ✱ ⬤ ≡ 7 ✱ ✱ ⬤ ✱ ≡ ⊞ ⬤ 7 7 7 ⊞ ⬤ ⬤ ⬤ ⊞ ⬤ ≡
ϴ 7 ϴ ♡ ϴ ϴ 1 ♡ 1 ϴ ⟍ ϴ ϴ 7 ⟍ ⟍ ϴ ♡ 1 1 1 1 ϴ ♡ 7 1 7 7 1 1 ⟍ ♡ ⟍ ϴ ⟍ 7 ♡ 1 7 ♡ ⟍ ϴ ⟍ ♡ 7 4 4 ♡ 4 4 ⊞ ♡ J ⊞ ♡ J 4 ♡ ■ J J ■ ⊞ J ⊞ ♡ J ■ 4 ■ ⊞ ♡ ■ ■ ✱ 7 7 ⊞ ⬤ ✱ ⊞ ⬤ ✱ 7 ⬤ ⊞ ⊞ ≡ ⊞ ≡ ≡ 7 ⬤ ≡ ✱ ✱ ✱ 7
ϴ 7 7 7 7 7 ⟍ ⟍ ϴ 7 7 1 ⟍ 7 ϴ ♡ ⟍ ϴ 1 7 ϴ ⟍ ♡ ⟍ 1 7 1 ϴ ♡ ♡ 7 ϴ ϴ 7 ♡ ⟍ ♡ ϴ ♡ 7 1 7 ϴ 1 ♡ ⊞ J ♡ ■ ⊞ J ⊞ J 4 ⊞ ♡ ♡ 4 ■ 4 J ■ ⊞ ⊞ 4 ■ ⊞ ⊞ ■ 4 ⊞ 4 ♡ ♡ ⊞ ⊞ ⊞ 7 7 ⊞ ⬤ 7 ≡ ≡ ≡ ⬤ 7 7 ⬤ ≡ ⊞ ⊞ 7 ✱ ≡ ⊞ 7 ≡
⟍ 7 ϴ 7 ϴ ⟍ ⟍ ϴ 7 1 ϴ ϴ 1 ϴ ⟍ 7 1 7 1 7 ϴ ♡ ♡ ⟍ ϴ ⟍ 7 ⟍ 1 ϴ 7 ♡ 7 ⟍ ♡ ♡ ⟍ ϴ 1 ⟍ ♡ ♡ ϴ 1 ϴ ♡ ♡ J J ■ ■ ⊞ ♡ 4 ■ ⊞ ♡ J 4 J 4 J ⊞ J ⊞ 4 J ⊞ ♡ ■ ■ 4 ■ ⊞ ⬤ ≡ 7 ✱ 7 ⬤ ≡ ✱ ⬤ ✱ ⬤ ≡ 7 ⬤ ≡ ✱ ⊞ 7 7 ⊞ 7 ≡ 7 ≡
ϴ ♡ 1 ♡ 7 ♡ ⟍ ϴ 7 ♡ 7 7 7 1 ⟍ ⟍ 1 ♡ ♡ 7 1 ⟍ ♡ 1 1 7 ϴ ♡ 7 7 ⟍ ⟍ 1 1 ϴ 1 ♡ 7 ⟍ 7 1 1 ⟍ ⟍ 7 ■ ♡ ■ ♡ ■ 4 ⊞ ♡ ■ 4 ■ ♡ ■ ■ J ♡ ⊞ J J 4 ⊞ J ■ ⊞ 4 4 ■ ♡ ⊞ ≡ ⬤ 7 7 ≡ 7 ⬤ ⊞ ⊞ ≡ ⊞ ⊞ ✱ ⊞ ⬤ ≡ ⬤ ⬤ ⬤ ⬤ ≡ ⬤ ⬤ ⬤
⟍ ⟍ ⟍ ϴ ⟍ ♡ ⟍ 7 ♡ ⟍ 1 1 ⟍ 1 1 1 1 ϴ ⟍ ϴ ϴ ♡ ϴ ♡ ♡ 1 1 ⟍ ♡ ♡ 1 ϴ ⟍ 7 ϴ ⟍ 7 ♡ ♡ ♡ ϴ ϴ 7 1 ♡ ■ ■ ♡ J ■ ♡ ⊞ 4 4 4 ■ ■ ■ 4 ⊞ ⊞ J ♡ ⊞ 4 4 ♡ J ⊞ ♡ ⊞ J 4 ⊞ ≡ ⬤ ⬤ ≡ 7 7 ⊞ ⬤ 7 7 ≡ ⊞ ≡ ✱ ≡ 7 ✱ ✱ ✱ ⬤ ⬤ ⬤ ⬤ 7
♡ 1 ϴ ϴ ♡ ⟍ 1 1 7 ♡ 1 7 7 ϴ ϴ ⟍ ♡ ⟍ ♡ ϴ ⟍ ⟍ ⟍ ♡ ♡ ⟍ 1 ϴ ϴ 1 1 ♡ 7 ⟍ 1 ϴ 1 1 ϴ 1 1 ⟍ ϴ ϴ ϴ J J ■ ■ ♡ J ⊞ ■ ■ ♡ ⊞ ■ 4 J ⊞ J ■ ■ 4 ■ 4 4 4 ♡ 4 ■ 4 ♡ J ✱ ≡ 7 7 ⊞ ⊞ ≡ ✱ 7 ⬤ ⬤ ⬤ ✱ ⊞ ✱ ⬤ 7 ≡ ⊞ ⊞ ⬤ ⬤ ⊞ ⬤
©2007
